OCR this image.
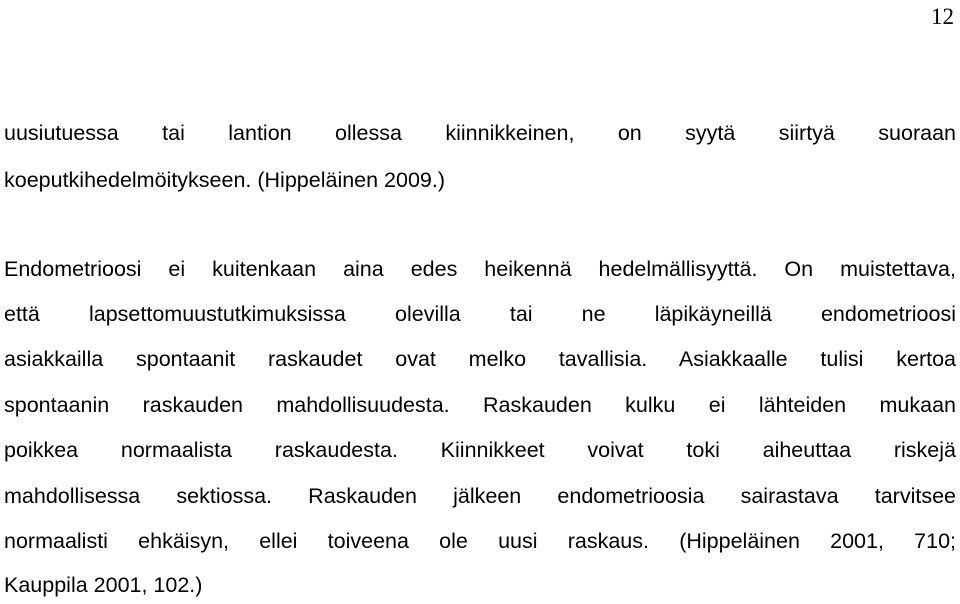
12
uusiutuessa tai lantion ollessa kiinnikkeinen, on syytä siirtyä suoraan
koeputkihedelmöitykseen. (Hippeläinen 2009.)
Endometrioosi ei kuitenkaan aina edes heikennä hedelmällisyyttä. On muistettava,
että lapsettomuustutkimuksissa olevilla tai ne läpikäyneillä endometrioosi
asiakkailla spontaanit raskaudet ovat melko tavallisia. Asiakkaalle tulisi kertoa
spontaanin raskauden mahdollisuudesta. Raskauden kulku ei lähteiden mukaan
poikkea normaalista raskaudesta. Kiinnikkeet voivat toki aiheuttaa riskejä
mahdollisessa sektiossa. Raskauden jälkeen endometrioosia sairastava tarvitsee
normaalisti ehkäisyn, ellei toiveena ole uusi raskaus. (Hippeläinen 2001, 710;
Kauppila 2001, 102.)
